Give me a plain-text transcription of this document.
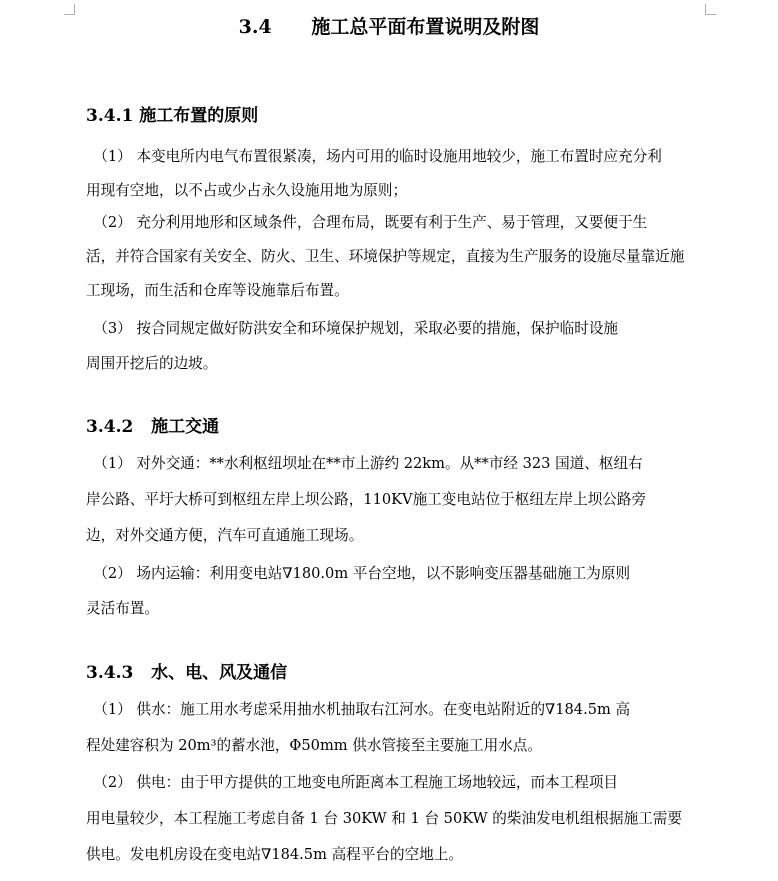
3.4      施工总平面布置说明及附图
3.4.1 施工布置的原则
　（1） 本变电所内电气布置很紧凑，场内可用的临时设施用地较少，施工布置时应充分利
用现有空地，以不占或少占永久设施用地为原则；
　（2） 充分利用地形和区域条件，合理布局，既要有利于生产、易于管理，又要便于生
活，并符合国家有关安全、防火、卫生、环境保护等规定，直接为生产服务的设施尽量靠近施
工现场，而生活和仓库等设施靠后布置。
　（3） 按合同规定做好防洪安全和环境保护规划，采取必要的措施，保护临时设施
周围开挖后的边坡。
3.4.2   施工交通
　（1） 对外交通：**水利枢纽坝址在**市上游约 22km。从**市经 323 国道、枢纽右
岸公路、平圩大桥可到枢纽左岸上坝公路，110KV施工变电站位于枢纽左岸上坝公路旁
边，对外交通方便，汽车可直通施工现场。
　（2） 场内运输：利用变电站∇180.0m 平台空地，以不影响变压器基础施工为原则
灵活布置。
3.4.3   水、电、风及通信
　（1） 供水：施工用水考虑采用抽水机抽取右江河水。在变电站附近的∇184.5m 高
程处建容积为 20m³的蓄水池，Φ50mm 供水管接至主要施工用水点。
　（2） 供电：由于甲方提供的工地变电所距离本工程施工场地较远，而本工程项目
用电量较少，本工程施工考虑自备 1 台 30KW 和 1 台 50KW 的柴油发电机组根据施工需要
供电。发电机房设在变电站∇184.5m 高程平台的空地上。
